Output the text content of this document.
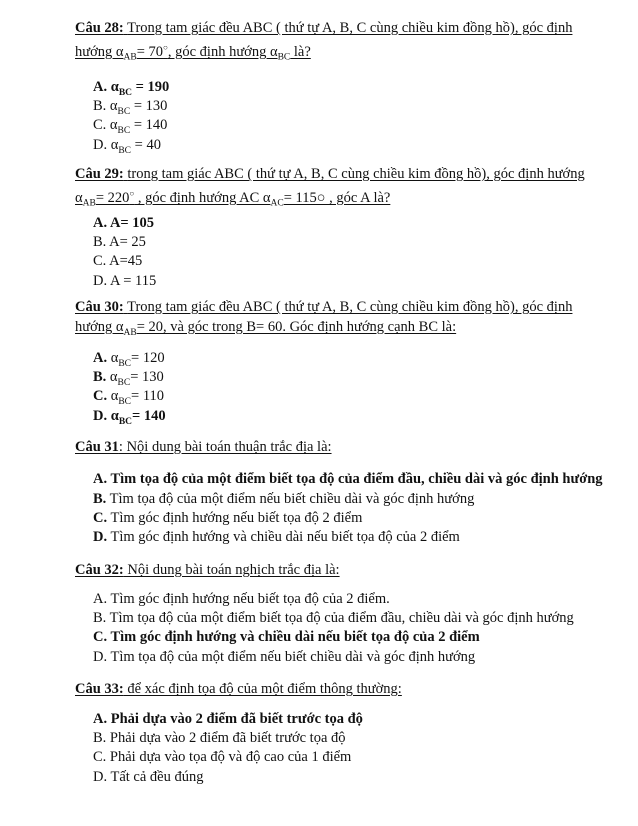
Câu 28: Trong tam giác đều ABC ( thứ tự A, B, C cùng chiều kim đồng hồ), góc định
hướng $\alpha_{AB}= 70^○$, góc định hướng $\alpha_{BC}$ là?
A. $\alpha_{BC} = 190$
B. $\alpha_{BC} = 130$
C. $\alpha_{BC} = 140$
D. $\alpha_{BC} = 40$
Câu 29: trong tam giác ABC ( thứ tự A, B, C cùng chiều kim đồng hồ), góc định hướng
$\alpha_{AB}= 220^○$ , góc định hướng AC $\alpha_{AC}=$ 115○ , góc A là?
A. A= 105
B. A= 25
C. A=45
D. A = 115
Câu 30: Trong tam giác đều ABC ( thứ tự A, B, C cùng chiều kim đồng hồ), góc định
hướng $\alpha_{AB}= 20$, và góc trong B= 60. Góc định hướng cạnh BC là:
A. $\alpha_{BC}= 120$
B. $\alpha_{BC}= 130$
C. $\alpha_{BC}= 110$
D. $\alpha_{BC}= 140$
Câu 31: Nội dung bài toán thuận trắc địa là:
A. Tìm tọa độ của một điểm biết tọa độ của điểm đầu, chiều dài và góc định hướng
B. Tìm tọa độ của một điểm nếu biết chiều dài và góc định hướng
C. Tìm góc định hướng nếu biết tọa độ 2 điểm
D. Tìm góc định hướng và chiều dài nếu biết tọa độ của 2 điểm
Câu 32: Nội dung bài toán nghịch trắc địa là:
A. Tìm góc định hướng nếu biết tọa độ của 2 điểm.
B. Tìm tọa độ của một điểm biết tọa độ của điểm đầu, chiều dài và góc định hướng
C. Tìm góc định hướng và chiều dài nếu biết tọa độ của 2 điểm
D. Tìm tọa độ của một điểm nếu biết chiều dài và góc định hướng
Câu 33: để xác định tọa độ của một điểm thông thường:
A. Phải dựa vào 2 điểm đã biết trước tọa độ
B. Phải dựa vào 2 điểm đã biết trước tọa độ
C. Phải dựa vào tọa độ và độ cao của 1 điểm
D. Tất cả đều đúng
